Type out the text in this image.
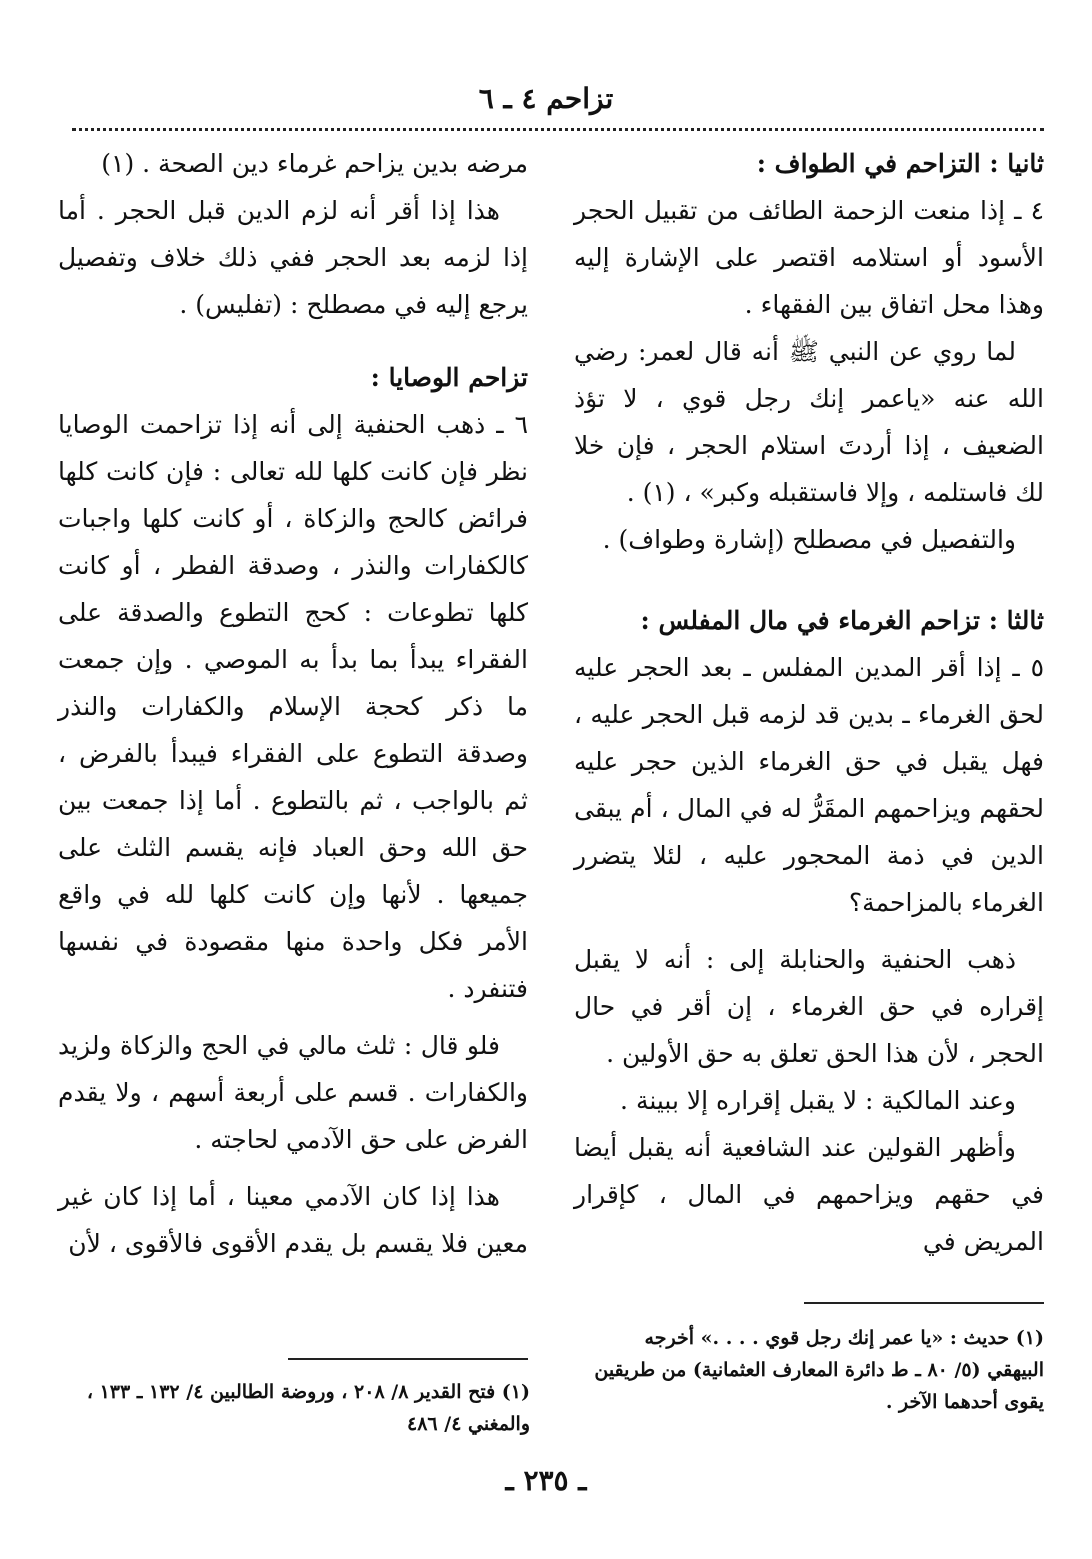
تزاحم ٤ ـ ٦

ثانيا : التزاحم في الطواف :

٤ ـ إذا منعت الزحمة الطائف من تقبيل الحجر الأسود أو استلامه اقتصر على الإشارة إليه وهذا محل اتفاق بين الفقهاء .

لما روي عن النبي ﷺ أنه قال لعمر: رضي الله عنه «ياعمر إنك رجل قوي ، لا تؤذ الضعيف ، إذا أردتَ استلام الحجر ، فإن خلا لك فاستلمه ، وإلا فاستقبله وكبر» ، (١) .

والتفصيل في مصطلح (إشارة وطواف) .

ثالثا : تزاحم الغرماء في مال المفلس :

٥ ـ إذا أقر المدين المفلس ـ بعد الحجر عليه لحق الغرماء ـ بدين قد لزمه قبل الحجر عليه ، فهل يقبل في حق الغرماء الذين حجر عليه لحقهم ويزاحمهم المقَرُّ له في المال ، أم يبقى الدين في ذمة المحجور عليه ، لئلا يتضرر الغرماء بالمزاحمة؟

ذهب الحنفية والحنابلة إلى : أنه لا يقبل إقراره في حق الغرماء ، إن أقر في حال الحجر ، لأن هذا الحق تعلق به حق الأولين .

وعند المالكية : لا يقبل إقراره إلا ببينة .

وأظهر القولين عند الشافعية أنه يقبل أيضا في حقهم ويزاحمهم في المال ، كإقرار المريض في

مرضه بدين يزاحم غرماء دين الصحة . (١)

هذا إذا أقر أنه لزم الدين قبل الحجر . أما إذا لزمه بعد الحجر ففي ذلك خلاف وتفصيل يرجع إليه في مصطلح : (تفليس) .

تزاحم الوصايا :

٦ ـ ذهب الحنفية إلى أنه إذا تزاحمت الوصايا نظر فإن كانت كلها لله تعالى : فإن كانت كلها فرائض كالحج والزكاة ، أو كانت كلها واجبات كالكفارات والنذر ، وصدقة الفطر ، أو كانت كلها تطوعات : كحج التطوع والصدقة على الفقراء يبدأ بما بدأ به الموصي . وإن جمعت ما ذكر كحجة الإسلام والكفارات والنذر وصدقة التطوع على الفقراء فيبدأ بالفرض ، ثم بالواجب ، ثم بالتطوع . أما إذا جمعت بين حق الله وحق العباد فإنه يقسم الثلث على جميعها . لأنها وإن كانت كلها لله في واقع الأمر فكل واحدة منها مقصودة في نفسها فتنفرد .

فلو قال : ثلث مالي في الحج والزكاة ولزيد والكفارات . قسم على أربعة أسهم ، ولا يقدم الفرض على حق الآدمي لحاجته .

هذا إذا كان الآدمي معينا ، أما إذا كان غير معين فلا يقسم بل يقدم الأقوى فالأقوى ، لأن

(١) حديث : «يا عمر إنك رجل قوي . . . .» أخرجه البيهقي (٥/ ٨٠ ـ ط دائرة المعارف العثمانية) من طريقين يقوى أحدهما الآخر .
(١) فتح القدير ٨/ ٢٠٨ ، وروضة الطالبين ٤/ ١٣٢ ـ ١٣٣ ، والمغني ٤/ ٤٨٦
ـ ٢٣٥ ـ
